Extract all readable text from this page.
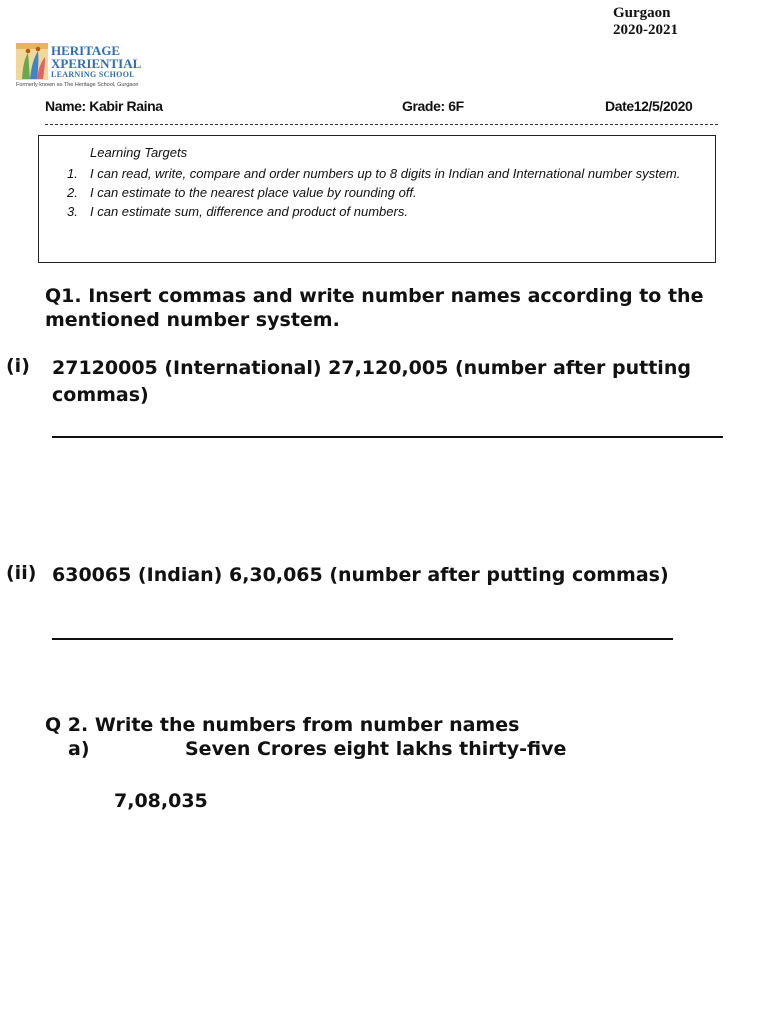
Gurgaon
2020-2021
HERITAGE
XPERIENTIAL
LEARNING SCHOOL
Formerly known as The Heritage School, Gurgaon
Name: Kabir Raina	Grade: 6F	Date12/5/2020
Learning Targets
1. I can read, write, compare and order numbers up to 8 digits in Indian and International number system.
2. I can estimate to the nearest place value by rounding off.
3. I can estimate sum, difference and product of numbers.
Q1. Insert commas and write number names according to the mentioned number system.
(i) 27120005 (International) 27,120,005 (number after putting commas)
(ii) 630065 (Indian) 6,30,065 (number after putting commas)
Q 2. Write the numbers from number names
a)	Seven Crores eight lakhs thirty-five
7,08,035
